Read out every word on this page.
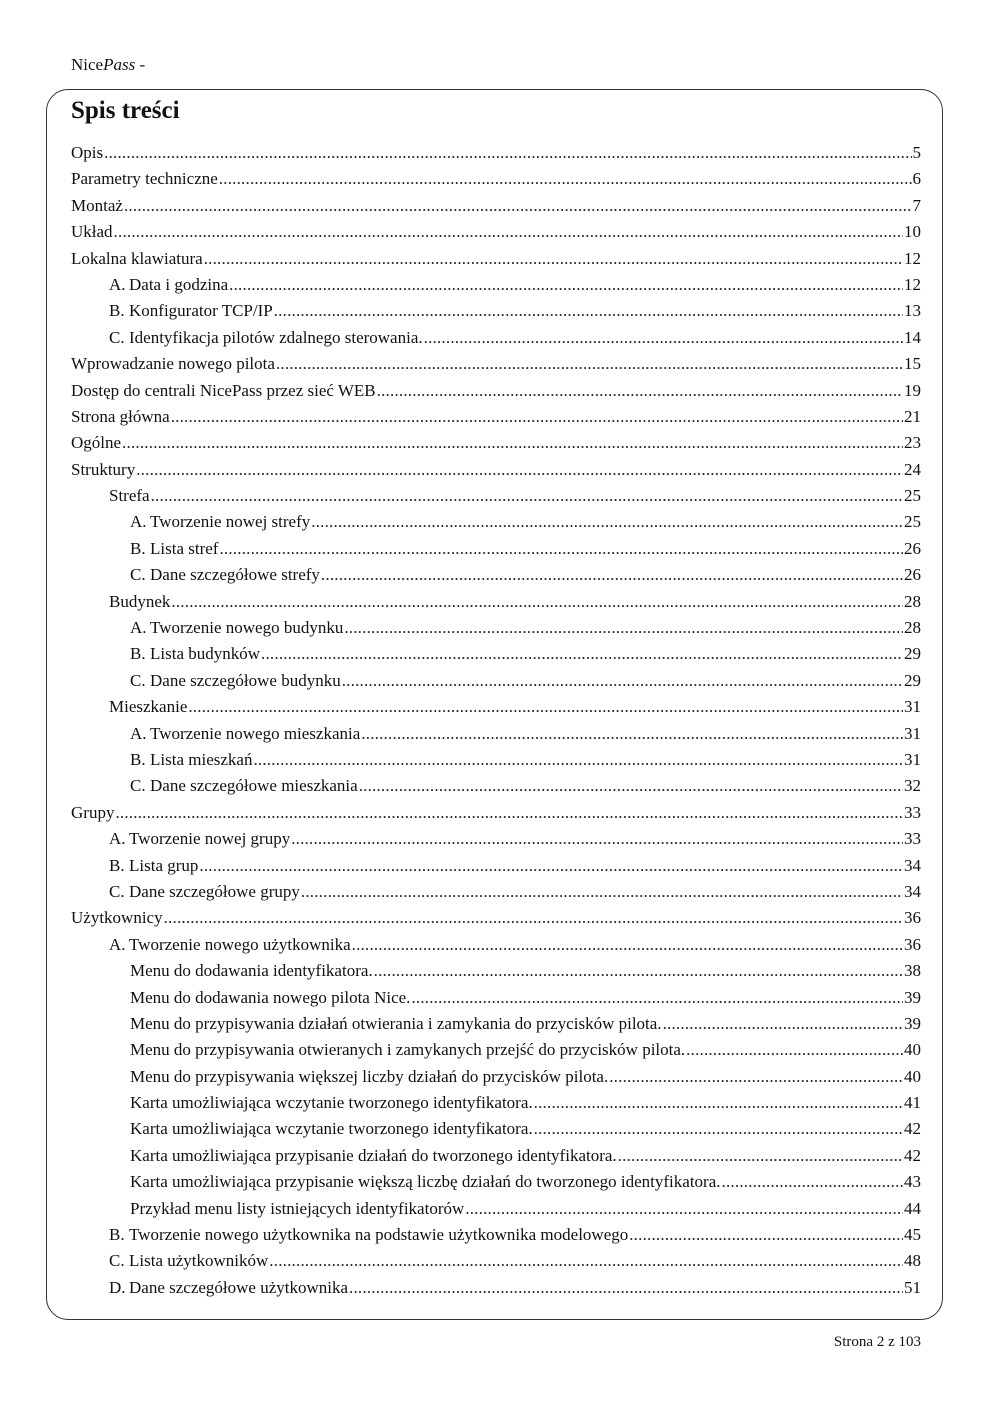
NicePass -
Spis treści
Opis .....	5
Parametry techniczne .....	6
Montaż .....	7
Układ .....	10
Lokalna klawiatura .....	12
A. Data i godzina .....	12
B. Konfigurator TCP/IP .....	13
C. Identyfikacja pilotów zdalnego sterowania. .....	14
Wprowadzanie nowego pilota .....	15
Dostęp do centrali NicePass przez sieć WEB .....	19
Strona główna .....	21
Ogólne .....	23
Struktury .....	24
Strefa .....	25
A. Tworzenie nowej strefy .....	25
B. Lista stref .....	26
C. Dane szczegółowe strefy .....	26
Budynek .....	28
A. Tworzenie nowego budynku .....	28
B. Lista budynków .....	29
C. Dane szczegółowe budynku .....	29
Mieszkanie .....	31
A. Tworzenie nowego mieszkania .....	31
B. Lista mieszkań .....	31
C. Dane szczegółowe mieszkania .....	32
Grupy .....	33
A. Tworzenie nowej grupy .....	33
B. Lista grup .....	34
C. Dane szczegółowe grupy .....	34
Użytkownicy .....	36
A. Tworzenie nowego użytkownika .....	36
Menu do dodawania identyfikatora. .....	38
Menu do dodawania nowego pilota Nice. .....	39
Menu do przypisywania działań otwierania i zamykania do przycisków pilota. .....	39
Menu do przypisywania otwieranych i zamykanych przejść do przycisków pilota. .....	40
Menu do przypisywania większej liczby działań do przycisków pilota. .....	40
Karta umożliwiająca wczytanie tworzonego identyfikatora. .....	41
Karta umożliwiająca wczytanie tworzonego identyfikatora. .....	42
Karta umożliwiająca przypisanie działań do tworzonego identyfikatora. .....	42
Karta umożliwiająca przypisanie większą liczbę działań do tworzonego identyfikatora. .....	43
Przykład menu listy istniejących identyfikatorów .....	44
B. Tworzenie nowego użytkownika na podstawie użytkownika modelowego .....	45
C. Lista użytkowników .....	48
D. Dane szczegółowe użytkownika .....	51
Strona 2 z 103
